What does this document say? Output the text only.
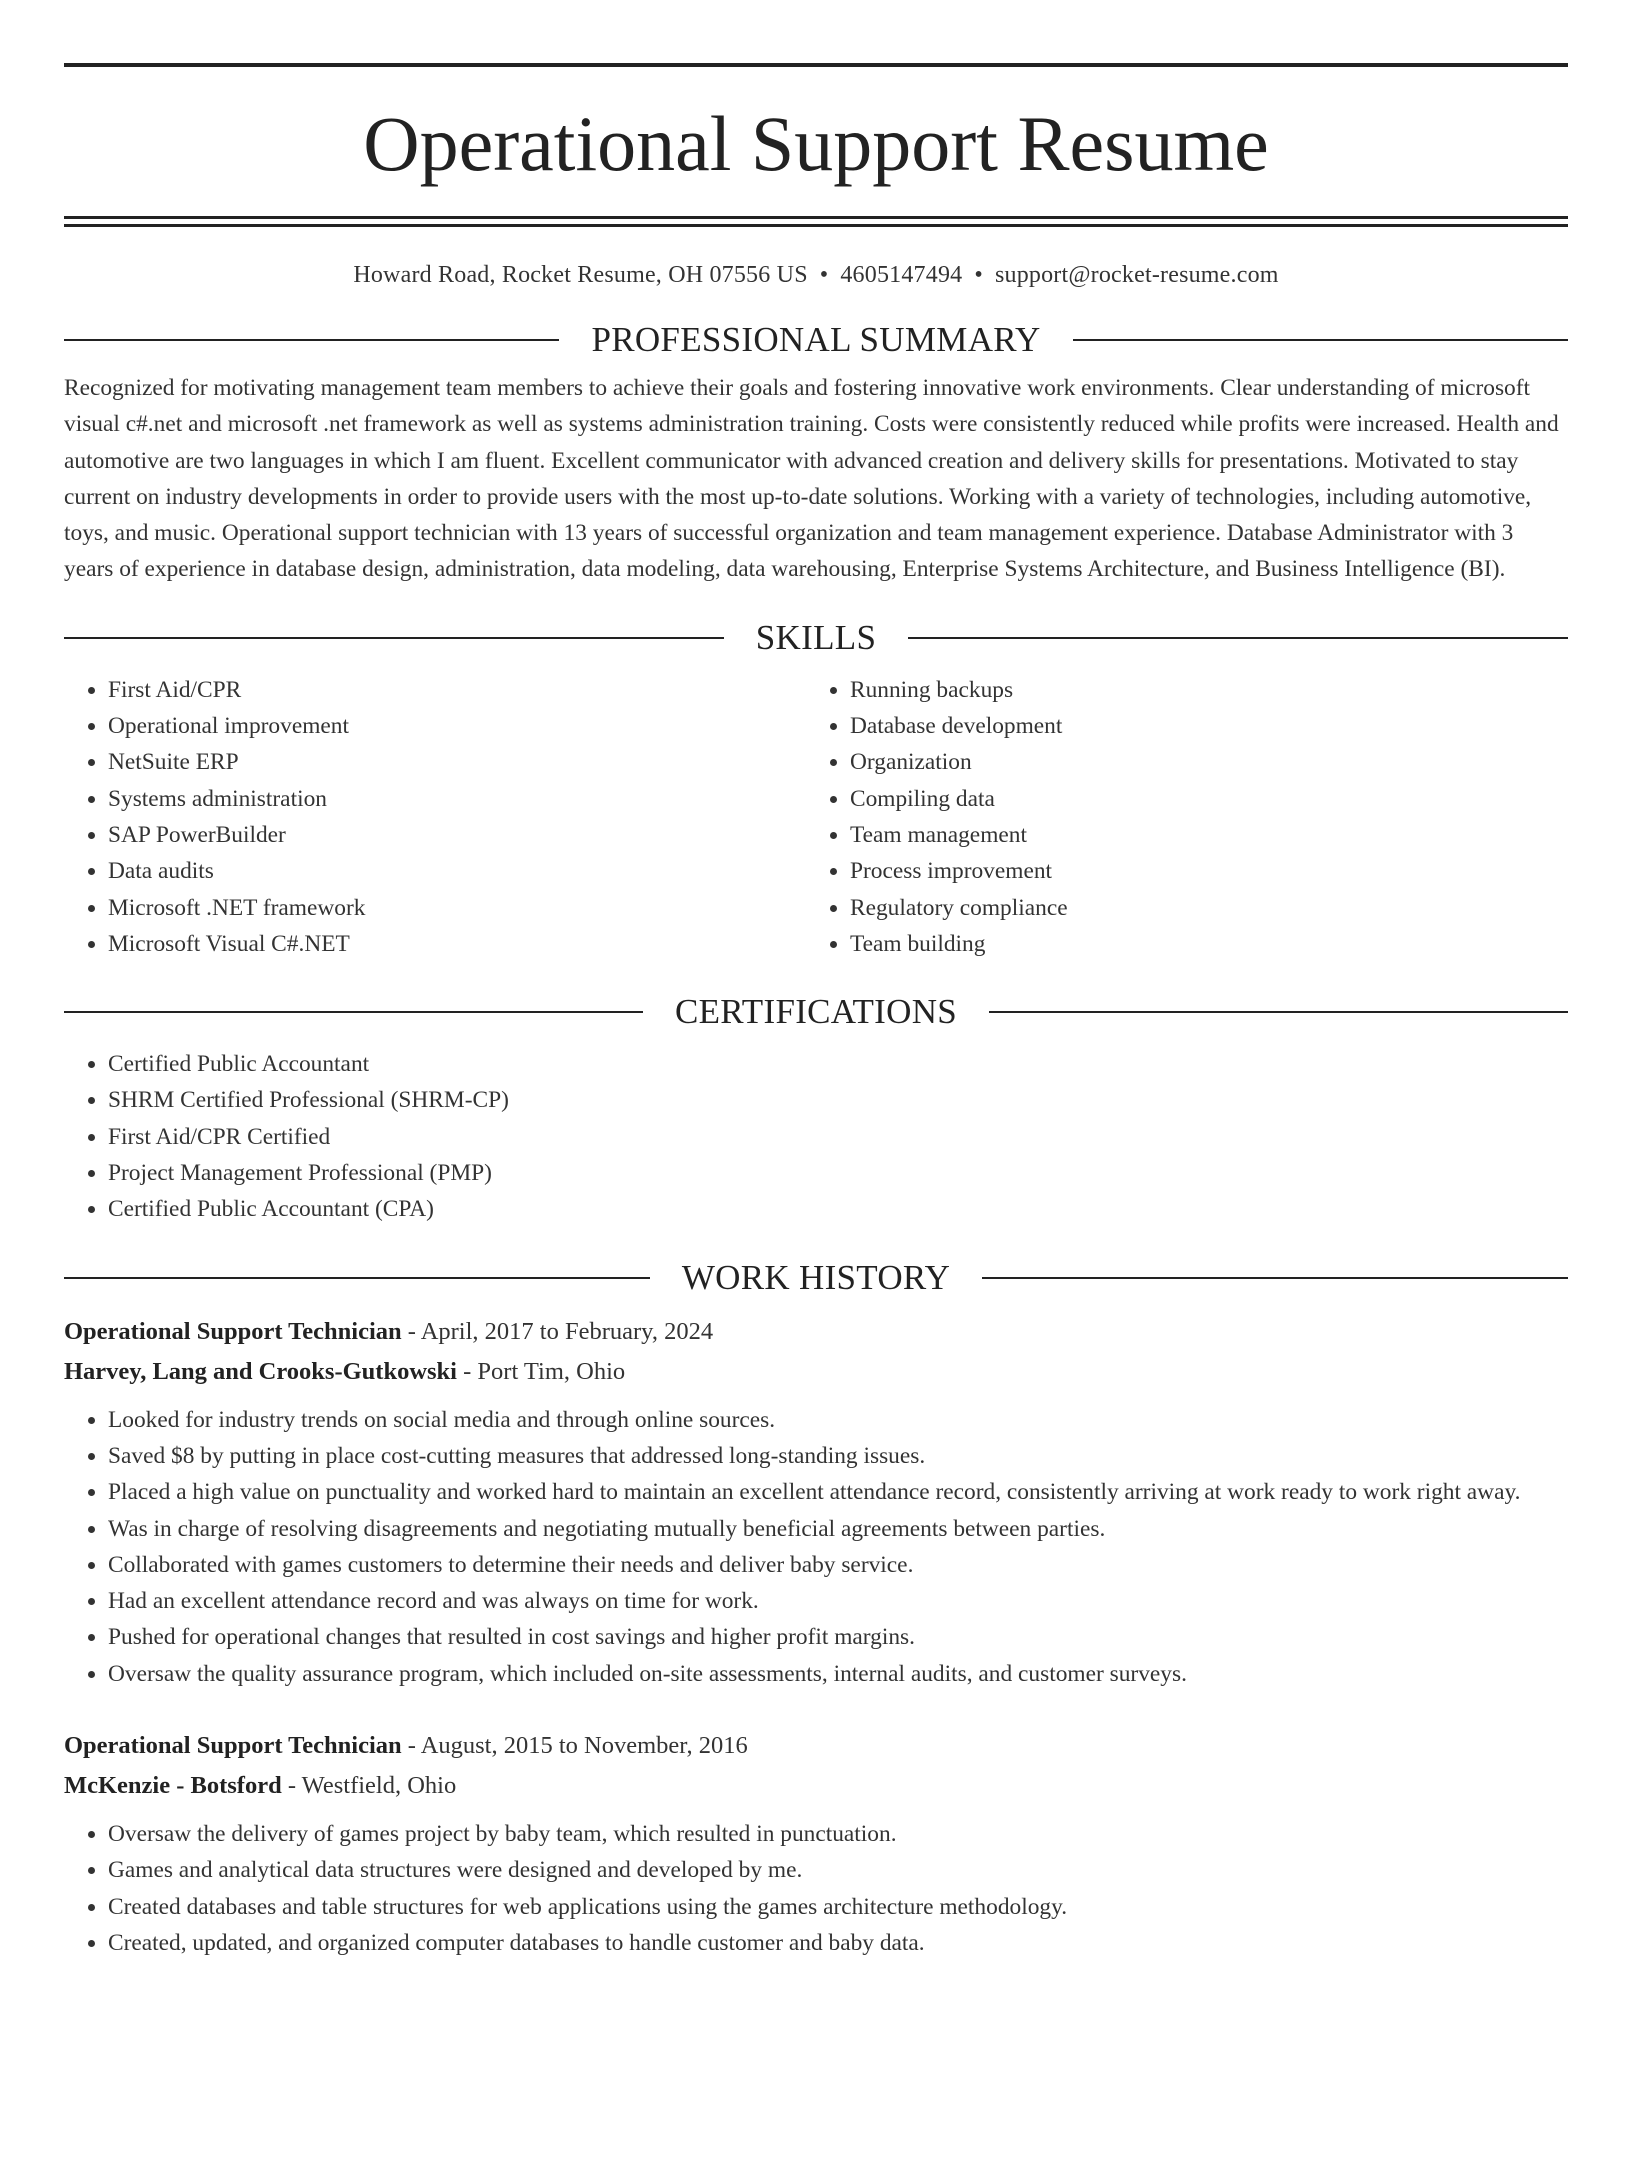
Operational Support Resume
Howard Road, Rocket Resume, OH 07556 US • 4605147494 • support@rocket-resume.com
PROFESSIONAL SUMMARY
Recognized for motivating management team members to achieve their goals and fostering innovative work environments. Clear understanding of microsoft visual c#.net and microsoft .net framework as well as systems administration training. Costs were consistently reduced while profits were increased. Health and automotive are two languages in which I am fluent. Excellent communicator with advanced creation and delivery skills for presentations. Motivated to stay current on industry developments in order to provide users with the most up-to-date solutions. Working with a variety of technologies, including automotive, toys, and music. Operational support technician with 13 years of successful organization and team management experience. Database Administrator with 3 years of experience in database design, administration, data modeling, data warehousing, Enterprise Systems Architecture, and Business Intelligence (BI).
SKILLS
• First Aid/CPR
• Operational improvement
• NetSuite ERP
• Systems administration
• SAP PowerBuilder
• Data audits
• Microsoft .NET framework
• Microsoft Visual C#.NET
• Running backups
• Database development
• Organization
• Compiling data
• Team management
• Process improvement
• Regulatory compliance
• Team building
CERTIFICATIONS
• Certified Public Accountant
• SHRM Certified Professional (SHRM-CP)
• First Aid/CPR Certified
• Project Management Professional (PMP)
• Certified Public Accountant (CPA)
WORK HISTORY
Operational Support Technician - April, 2017 to February, 2024
Harvey, Lang and Crooks-Gutkowski - Port Tim, Ohio
• Looked for industry trends on social media and through online sources.
• Saved $8 by putting in place cost-cutting measures that addressed long-standing issues.
• Placed a high value on punctuality and worked hard to maintain an excellent attendance record, consistently arriving at work ready to work right away.
• Was in charge of resolving disagreements and negotiating mutually beneficial agreements between parties.
• Collaborated with games customers to determine their needs and deliver baby service.
• Had an excellent attendance record and was always on time for work.
• Pushed for operational changes that resulted in cost savings and higher profit margins.
• Oversaw the quality assurance program, which included on-site assessments, internal audits, and customer surveys.
Operational Support Technician - August, 2015 to November, 2016
McKenzie - Botsford - Westfield, Ohio
• Oversaw the delivery of games project by baby team, which resulted in punctuation.
• Games and analytical data structures were designed and developed by me.
• Created databases and table structures for web applications using the games architecture methodology.
• Created, updated, and organized computer databases to handle customer and baby data.
